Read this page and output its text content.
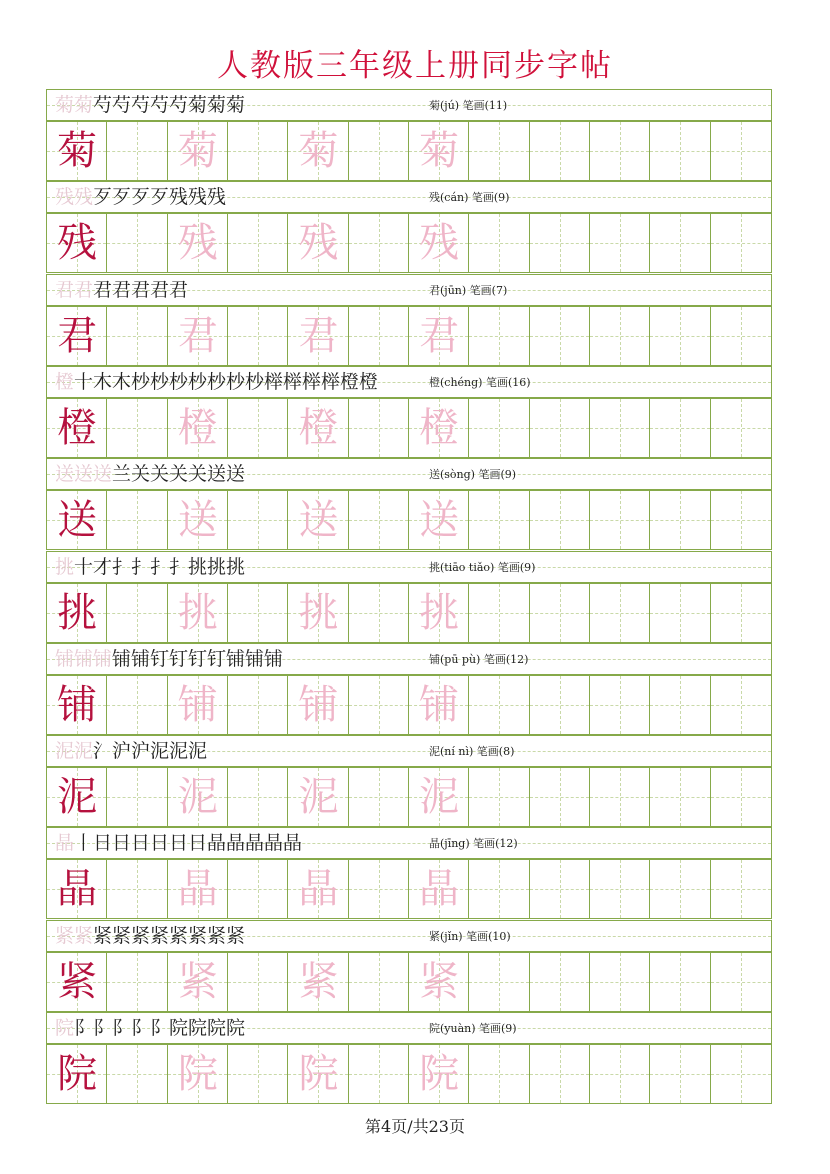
人教版三年级上册同步字帖
菊菊芍芍芍芍芍菊菊菊	菊(jú) 笔画(11)
菊 菊 菊 菊
残残歹歹歹歹残残残	残(cán) 笔画(9)
残 残 残 残
君君君君君君君	君(jūn) 笔画(7)
君 君 君 君
橙十木木杪杪杪杪杪杪杪榉榉榉榉橙橙	橙(chéng) 笔画(16)
橙 橙 橙 橙
送送送兰关关关关送送	送(sòng) 笔画(9)
送 送 送 送
挑十才扌扌扌扌挑挑挑	挑(tiāo tiǎo) 笔画(9)
挑 挑 挑 挑
铺铺铺铺铺钉钉钉钉铺铺铺	铺(pū pù) 笔画(12)
铺 铺 铺 铺
泥泥氵沪沪泥泥泥	泥(ní nì) 笔画(8)
泥 泥 泥 泥
晶丨日日日日日日晶晶晶晶晶	晶(jīng) 笔画(12)
晶 晶 晶 晶
紧紧紧紧紧紧紧紧紧紧	紧(jǐn) 笔画(10)
紧 紧 紧 紧
院阝阝阝阝阝院院院院	院(yuàn) 笔画(9)
院 院 院 院
第4页/共23页
